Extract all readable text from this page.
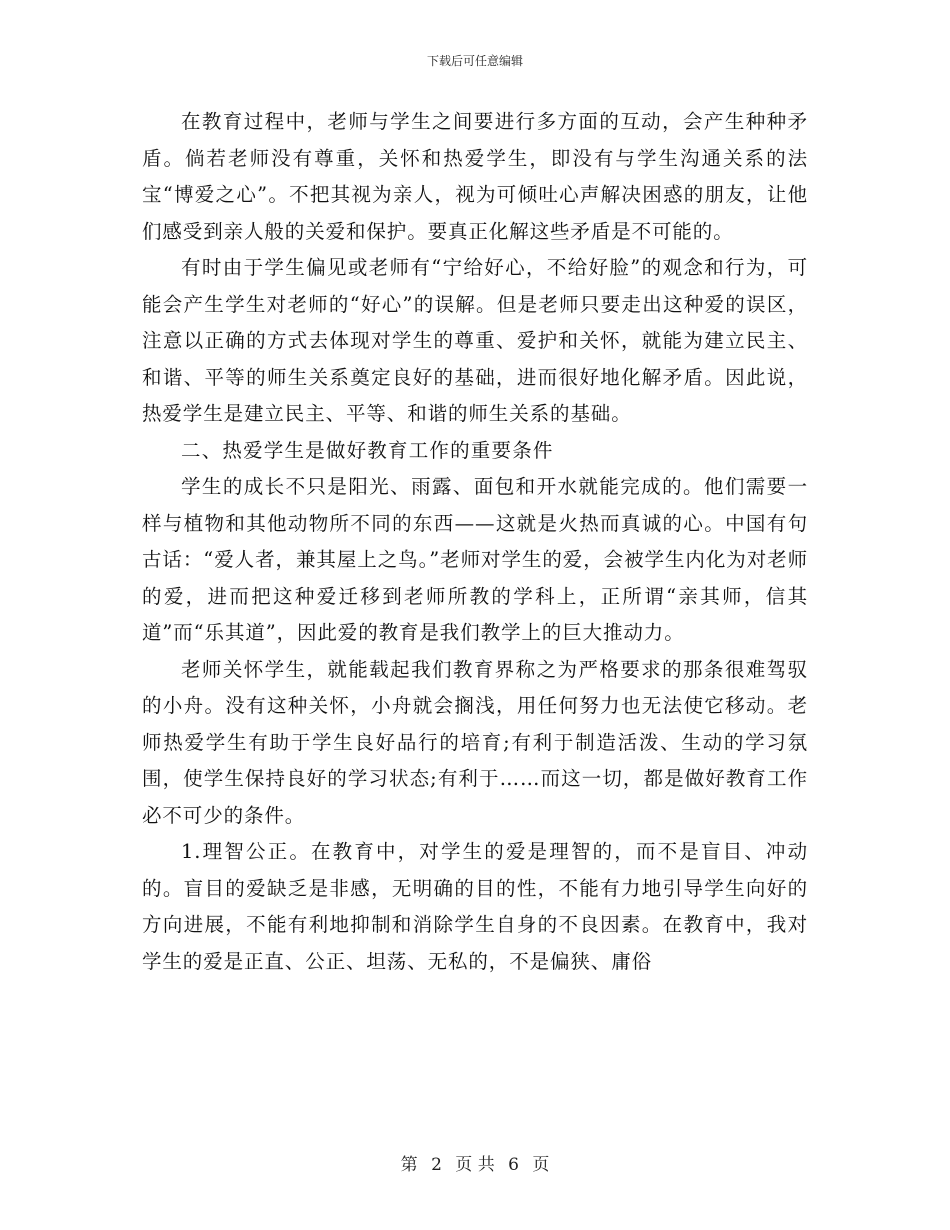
下载后可任意编辑

在教育过程中，老师与学生之间要进行多方面的互动，会产生种种矛盾。倘若老师没有尊重，关怀和热爱学生，即没有与学生沟通关系的法宝“博爱之心”。不把其视为亲人，视为可倾吐心声解决困惑的朋友，让他们感受到亲人般的关爱和保护。要真正化解这些矛盾是不可能的。

有时由于学生偏见或老师有“宁给好心，不给好脸”的观念和行为，可能会产生学生对老师的“好心”的误解。但是老师只要走出这种爱的误区，注意以正确的方式去体现对学生的尊重、爱护和关怀，就能为建立民主、和谐、平等的师生关系奠定良好的基础，进而很好地化解矛盾。因此说，热爱学生是建立民主、平等、和谐的师生关系的基础。

二、热爱学生是做好教育工作的重要条件

学生的成长不只是阳光、雨露、面包和开水就能完成的。他们需要一样与植物和其他动物所不同的东西——这就是火热而真诚的心。中国有句古话：“爱人者，兼其屋上之鸟。”老师对学生的爱，会被学生内化为对老师的爱，进而把这种爱迁移到老师所教的学科上，正所谓“亲其师，信其道”而“乐其道”，因此爱的教育是我们教学上的巨大推动力。

老师关怀学生，就能载起我们教育界称之为严格要求的那条很难驾驭的小舟。没有这种关怀，小舟就会搁浅，用任何努力也无法使它移动。老师热爱学生有助于学生良好品行的培育;有利于制造活泼、生动的学习氛围，使学生保持良好的学习状态;有利于……而这一切，都是做好教育工作必不可少的条件。

1.理智公正。在教育中，对学生的爱是理智的，而不是盲目、冲动的。盲目的爱缺乏是非感，无明确的目的性，不能有力地引导学生向好的方向进展，不能有利地抑制和消除学生自身的不良因素。在教育中，我对学生的爱是正直、公正、坦荡、无私的，不是偏狭、庸俗

第 2 页 共 6 页
